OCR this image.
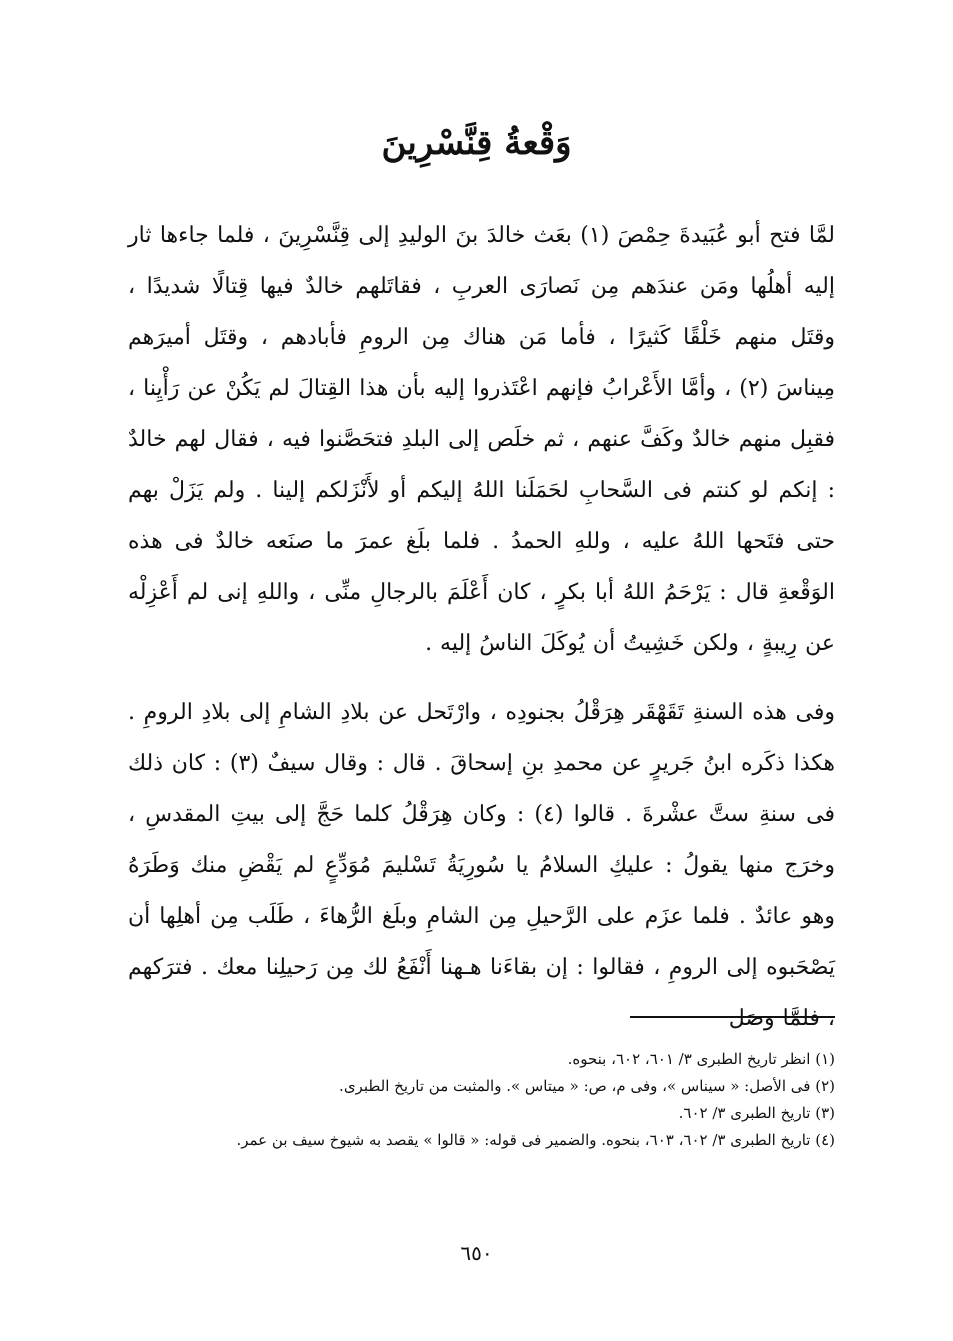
وَقْعةُ قِنَّسْرِينَ

لمَّا فتح أبو عُبَيدةَ حِمْصَ (١) بعَث خالدَ بنَ الوليدِ إلى قِنَّسْرِينَ ، فلما جاءها ثار إليه أهلُها ومَن عندَهم مِن نَصارَى العربِ ، فقاتَلهم خالدٌ فيها قِتالًا شديدًا ، وقتَل منهم خَلْقًا كَثيرًا ، فأما مَن هناك مِن الرومِ فأبادهم ، وقتَل أميرَهم مِيناسَ (٢) ، وأمَّا الأَعْرابُ فإنهم اعْتَذروا إليه بأن هذا القِتالَ لم يَكُنْ عن رَأْيِنا ، فقبِل منهم خالدٌ وكَفَّ عنهم ، ثم خلَص إلى البلدِ فتحَصَّنوا فيه ، فقال لهم خالدٌ : إنكم لو كنتم فى السَّحابِ لحَمَلَنا اللهُ إليكم أو لأَنْزَلكم إلينا . ولم يَزَلْ بهم حتى فتَحها اللهُ عليه ، وللهِ الحمدُ . فلما بلَغ عمرَ ما صنَعه خالدٌ فى هذه الوَقْعةِ قال : يَرْحَمُ اللهُ أبا بكرٍ ، كان أَعْلَمَ بالرجالِ منِّى ، واللهِ إنى لم أَعْزِلْه عن رِيبةٍ ، ولكن خَشِيتُ أن يُوكَلَ الناسُ إليه .

وفى هذه السنةِ تَقَهْقَر هِرَقْلُ بجنودِه ، وارْتَحل عن بلادِ الشامِ إلى بلادِ الرومِ . هكذا ذكَره ابنُ جَريرٍ عن محمدِ بنِ إسحاقَ . قال : وقال سيفٌ (٣) : كان ذلك فى سنةِ ستَّ عشْرةَ . قالوا (٤) : وكان هِرَقْلُ كلما حَجَّ إلى بيتِ المقدسِ ، وخرَج منها يقولُ : عليكِ السلامُ يا سُورِيَةُ تَسْليمَ مُوَدِّعٍ لم يَقْضِ منك وَطَرَهُ وهو عائدٌ . فلما عزَم على الرَّحيلِ مِن الشامِ وبلَغ الرُّهاءَ ، طَلَب مِن أهلِها أن يَصْحَبوه إلى الرومِ ، فقالوا : إن بقاءَنا هـهنا أَنْفَعُ لك مِن رَحيلِنا معك . فترَكهم ، فلمَّا وصَل

(١) انظر تاريخ الطبرى ٣/ ٦٠١، ٦٠٢، بنحوه.
(٢) فى الأصل: « سيناس »، وفى م، ص: « ميتاس ». والمثبت من تاريخ الطبرى.
(٣) تاريخ الطبرى ٣/ ٦٠٢.
(٤) تاريخ الطبرى ٣/ ٦٠٢، ٦٠٣، بنحوه. والضمير فى قوله: « قالوا » يقصد به شيوخ سيف بن عمر.
٦٥٠
